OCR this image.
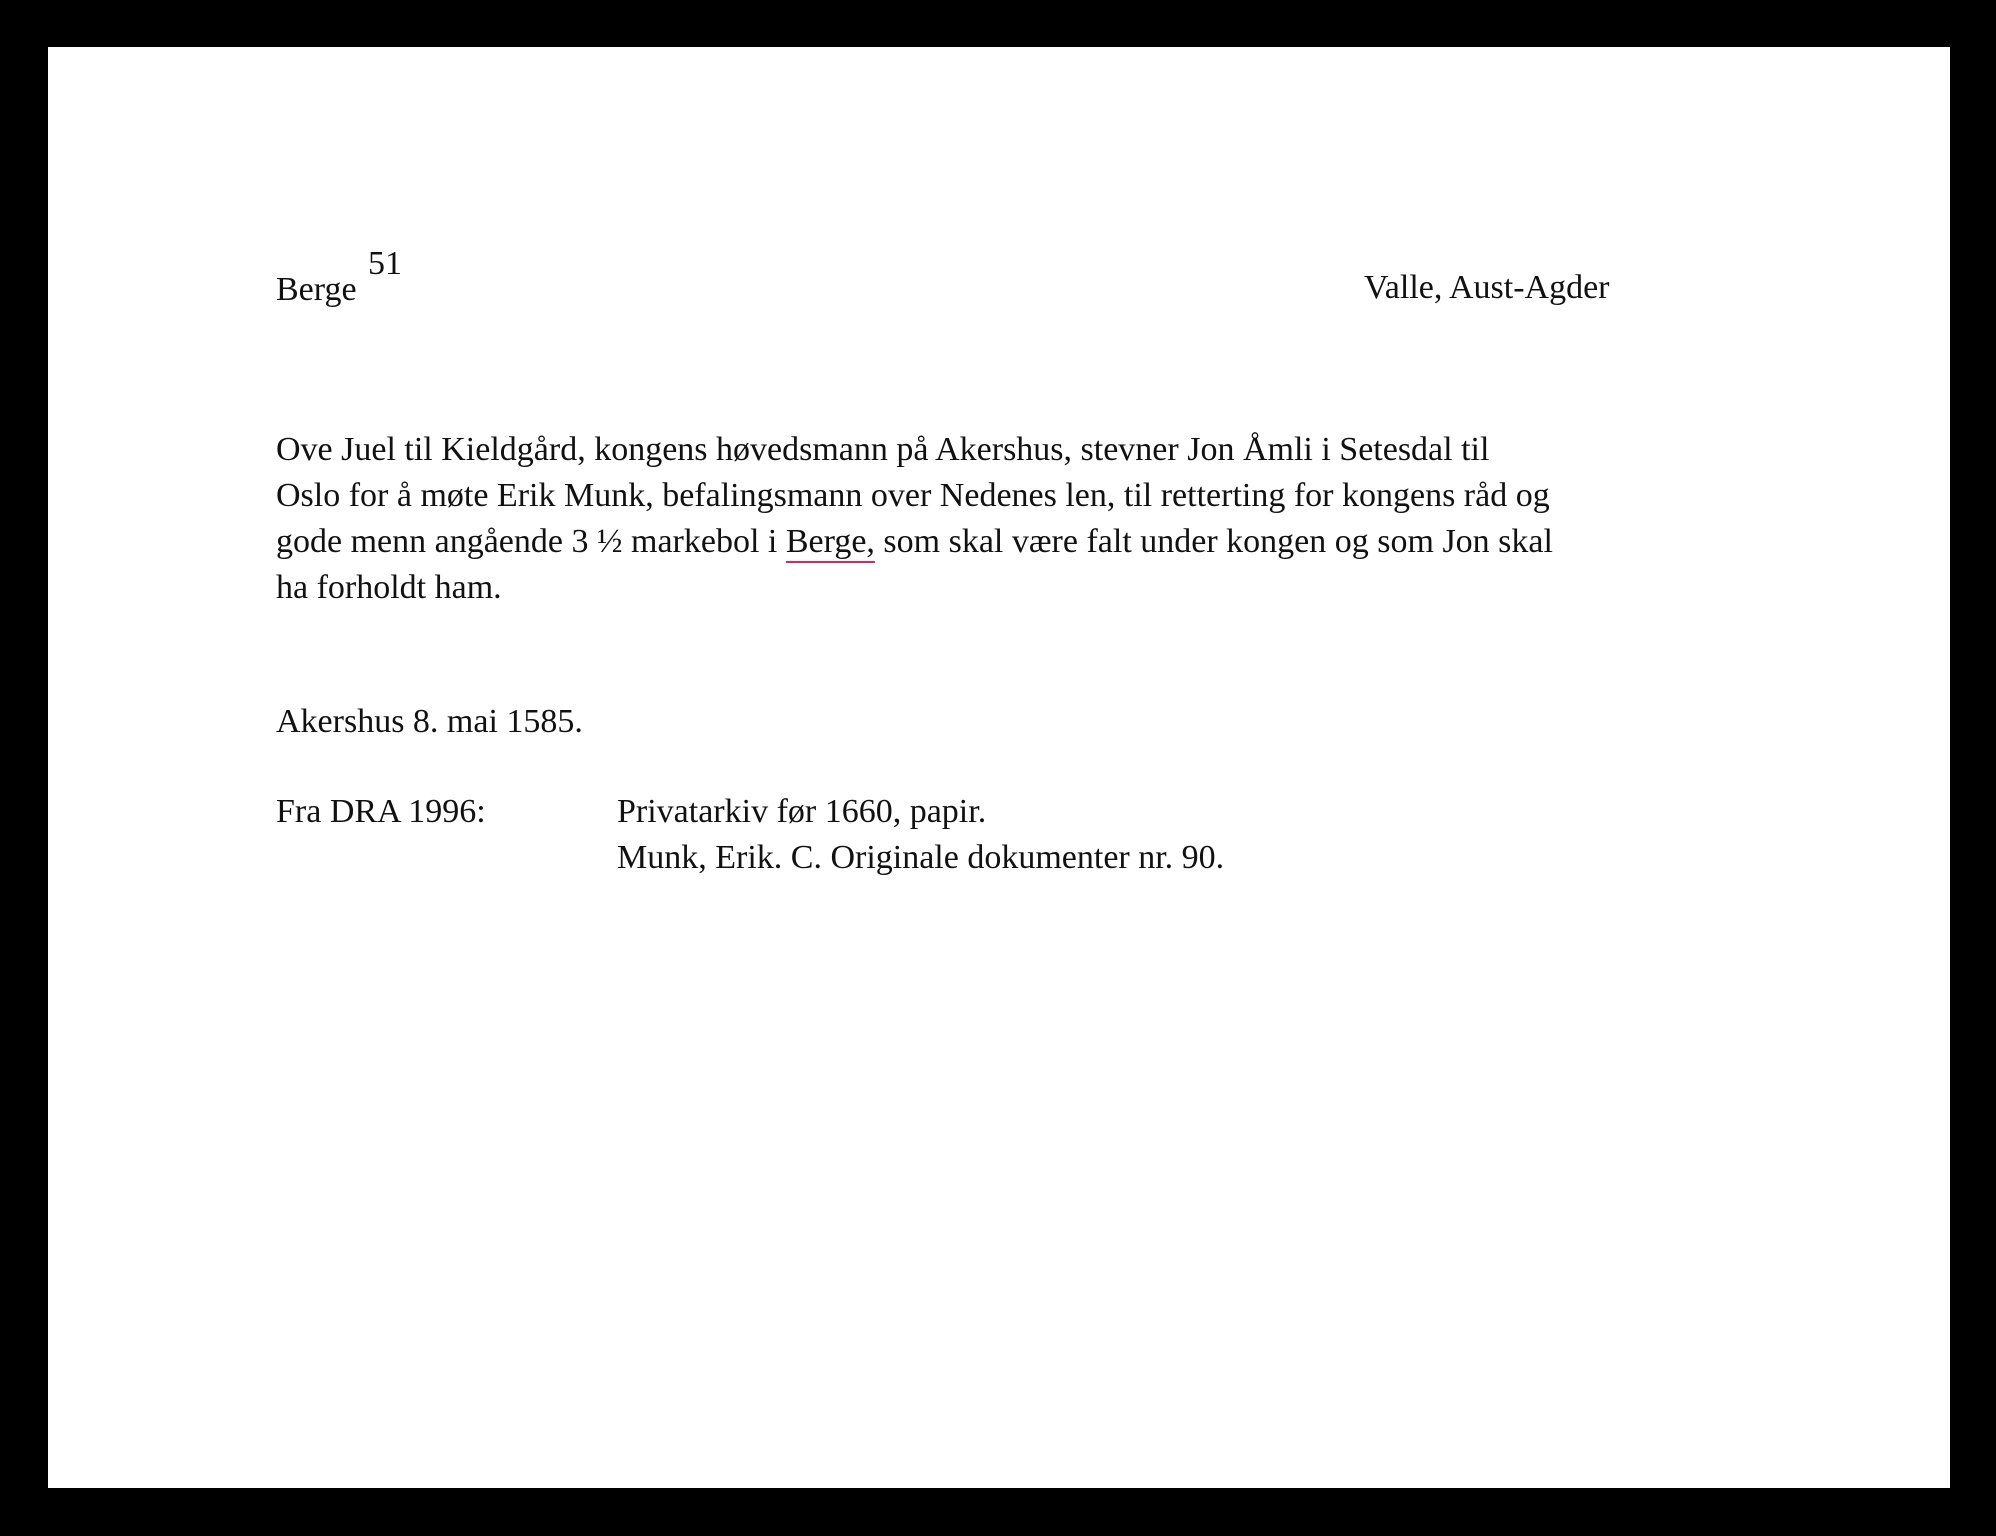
Berge
51
Valle, Aust-Agder

Ove Juel til Kieldgård, kongens høvedsmann på Akershus, stevner Jon Åmli i Setesdal til
Oslo for å møte Erik Munk, befalingsmann over Nedenes len, til retterting for kongens råd og
gode menn angående 3 ½ markebol i Berge, som skal være falt under kongen og som Jon skal
ha forholdt ham.

Akershus 8. mai 1585.
Fra DRA 1996:	Privatarkiv før 1660, papir.
Munk, Erik. C. Originale dokumenter nr. 90.
